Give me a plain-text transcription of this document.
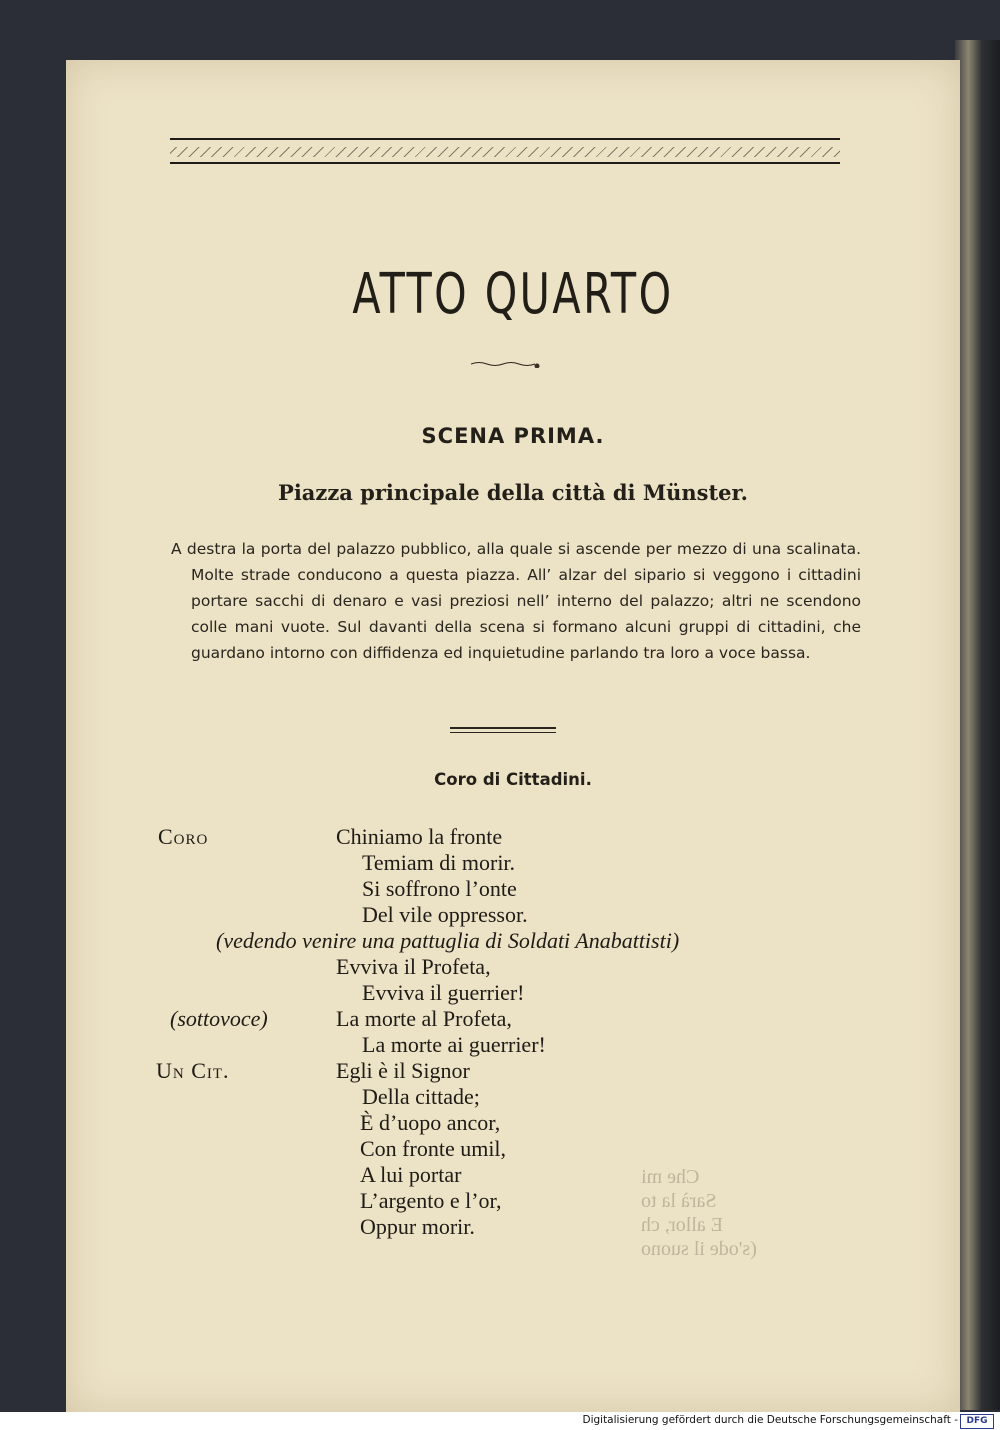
ATTO QUARTO
SCENA PRIMA.
Piazza principale della città di Münster.
A destra la porta del palazzo pubblico, alla quale si ascende per mezzo di una scalinata. Molte strade conducono a questa piazza. All’ alzar del sipario si veggono i cittadini portare sacchi di denaro e vasi preziosi nell’ interno del palazzo; altri ne scendono colle mani vuote. Sul davanti della scena si formano alcuni gruppi di cittadini, che guardano intorno con diffidenza ed inquietudine parlando tra loro a voce bassa.
Coro di Cittadini.
Coro	Chiniamo la fronte
Temiam di morir.
Si soffrono l’onte
Del vile oppressor.
(vedendo venire una pattuglia di Soldati Anabattisti)
Evviva il Profeta,
Evviva il guerrier!
(sottovoce)	La morte al Profeta,
La morte ai guerrier!
Un Cit.	Egli è il Signor
Della cittade;
È d’uopo ancor,
Con fronte umil,
A lui portar
L’argento e l’or,
Oppur morir.
Che mi
Sarà la to
E allor, ch
(s'ode il suono
Digitalisierung gefördert durch die Deutsche Forschungsgemeinschaft - DFG
